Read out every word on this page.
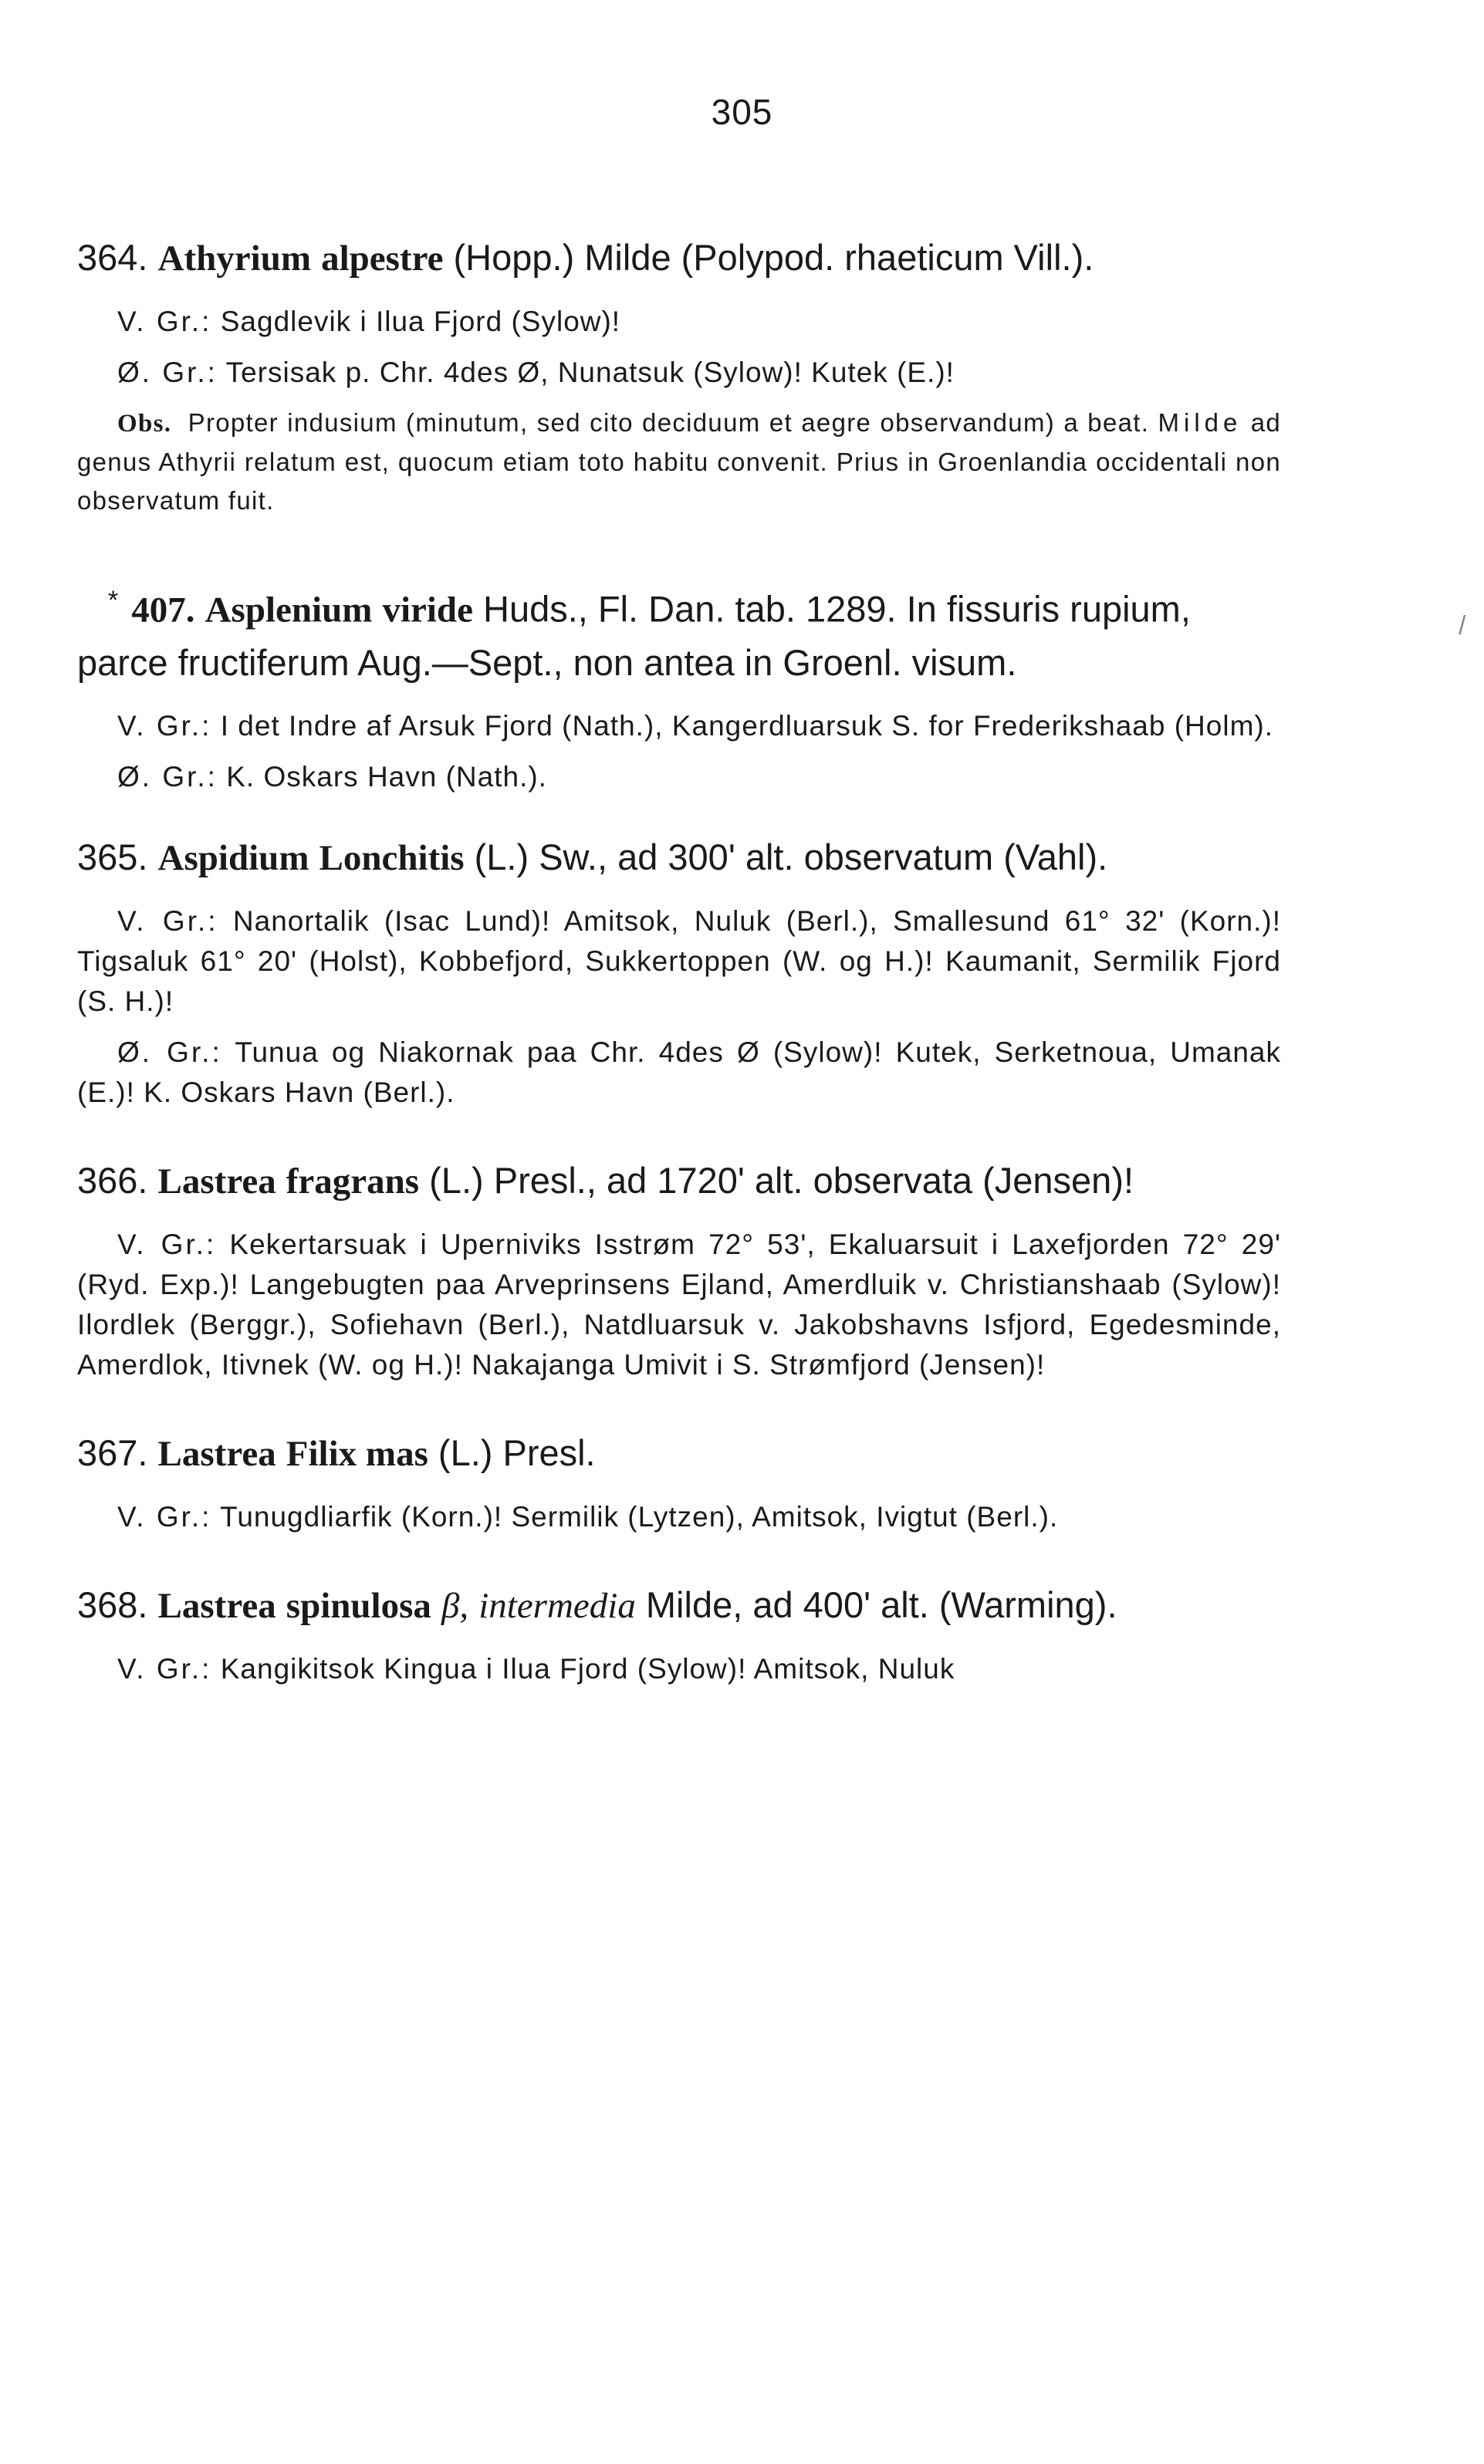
305
/

364. Athyrium alpestre (Hopp.) Milde (Polypod. rhaeticum Vill.).

V. Gr.: Sagdlevik i Ilua Fjord (Sylow)!

Ø. Gr.: Tersisak p. Chr. 4des Ø, Nunatsuk (Sylow)! Kutek (E.)!

Obs. Propter indusium (minutum, sed cito deciduum et aegre observandum) a beat. Milde ad genus Athyrii relatum est, quocum etiam toto habitu convenit. Prius in Groenlandia occidentali non observatum fuit.

* 407. Asplenium viride Huds., Fl. Dan. tab. 1289. In fissuris rupium, parce fructiferum Aug.—Sept., non antea in Groenl. visum.

V. Gr.: I det Indre af Arsuk Fjord (Nath.), Kangerdluarsuk S. for Frederikshaab (Holm).

Ø. Gr.: K. Oskars Havn (Nath.).

365. Aspidium Lonchitis (L.) Sw., ad 300' alt. observatum (Vahl).

V. Gr.: Nanortalik (Isac Lund)! Amitsok, Nuluk (Berl.), Smallesund 61° 32' (Korn.)! Tigsaluk 61° 20' (Holst), Kobbefjord, Sukkertoppen (W. og H.)! Kaumanit, Sermilik Fjord (S. H.)!

Ø. Gr.: Tunua og Niakornak paa Chr. 4des Ø (Sylow)! Kutek, Serketnoua, Umanak (E.)! K. Oskars Havn (Berl.).

366. Lastrea fragrans (L.) Presl., ad 1720' alt. observata (Jensen)!

V. Gr.: Kekertarsuak i Uperniviks Isstrøm 72° 53', Ekaluarsuit i Laxefjorden 72° 29' (Ryd. Exp.)! Langebugten paa Arveprinsens Ejland, Amerdluik v. Christianshaab (Sylow)! Ilordlek (Berggr.), Sofiehavn (Berl.), Natdluarsuk v. Jakobshavns Isfjord, Egedesminde, Amerdlok, Itivnek (W. og H.)! Nakajanga Umivit i S. Strømfjord (Jensen)!

367. Lastrea Filix mas (L.) Presl.

V. Gr.: Tunugdliarfik (Korn.)! Sermilik (Lytzen), Amitsok, Ivigtut (Berl.).

368. Lastrea spinulosa β, intermedia Milde, ad 400' alt. (Warming).

V. Gr.: Kangikitsok Kingua i Ilua Fjord (Sylow)! Amitsok, Nuluk
